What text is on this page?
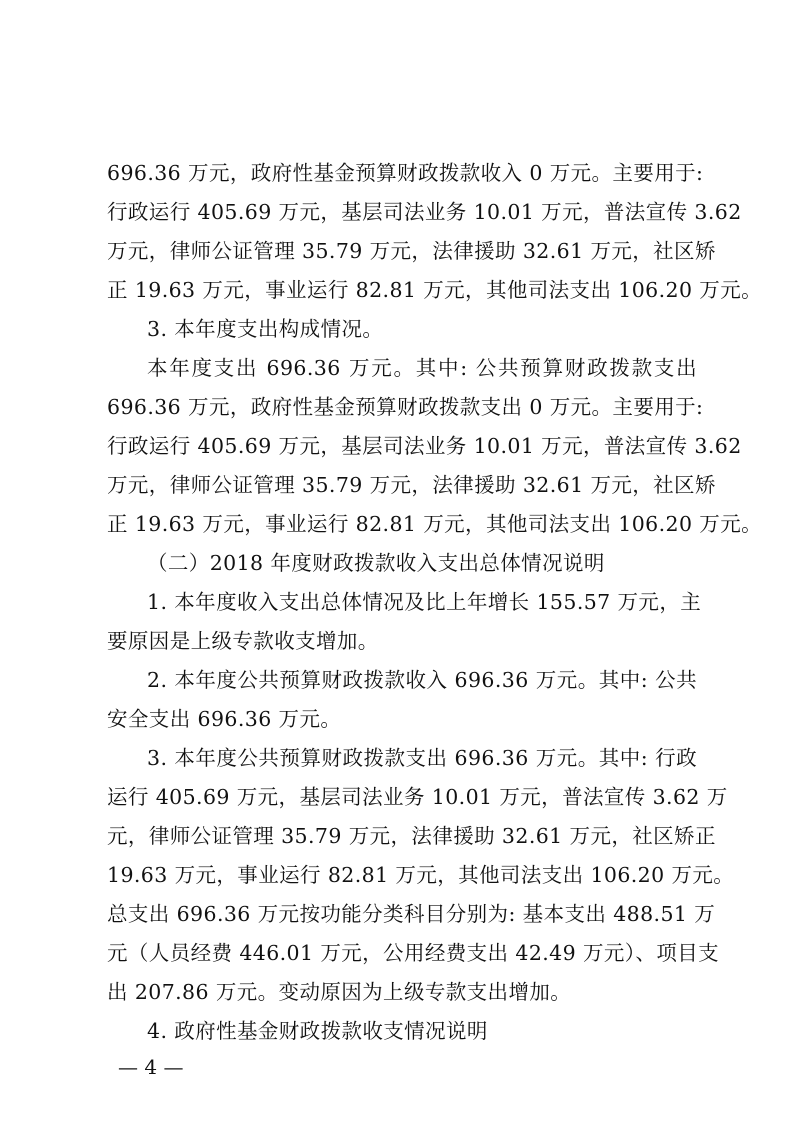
696.36 万元，政府性基金预算财政拨款收入 0 万元。主要用于:
行政运行 405.69 万元，基层司法业务 10.01 万元，普法宣传 3.62
万元，律师公证管理 35.79 万元，法律援助 32.61 万元，社区矫
正 19.63 万元，事业运行 82.81 万元，其他司法支出 106.20 万元。
3. 本年度支出构成情况。
本年度支出 696.36 万元。其中: 公共预算财政拨款支出
696.36 万元，政府性基金预算财政拨款支出 0 万元。主要用于:
行政运行 405.69 万元，基层司法业务 10.01 万元，普法宣传 3.62
万元，律师公证管理 35.79 万元，法律援助 32.61 万元，社区矫
正 19.63 万元，事业运行 82.81 万元，其他司法支出 106.20 万元。
（二）2018 年度财政拨款收入支出总体情况说明
1. 本年度收入支出总体情况及比上年增长 155.57 万元，主
要原因是上级专款收支增加。
2. 本年度公共预算财政拨款收入 696.36 万元。其中: 公共
安全支出 696.36 万元。
3. 本年度公共预算财政拨款支出 696.36 万元。其中: 行政
运行 405.69 万元，基层司法业务 10.01 万元，普法宣传 3.62 万
元，律师公证管理 35.79 万元，法律援助 32.61 万元，社区矫正
19.63 万元，事业运行 82.81 万元，其他司法支出 106.20 万元。
总支出 696.36 万元按功能分类科目分别为: 基本支出 488.51 万
元（人员经费 446.01 万元，公用经费支出 42.49 万元）、项目支
出 207.86 万元。变动原因为上级专款支出增加。
4. 政府性基金财政拨款收支情况说明
— 4 —
